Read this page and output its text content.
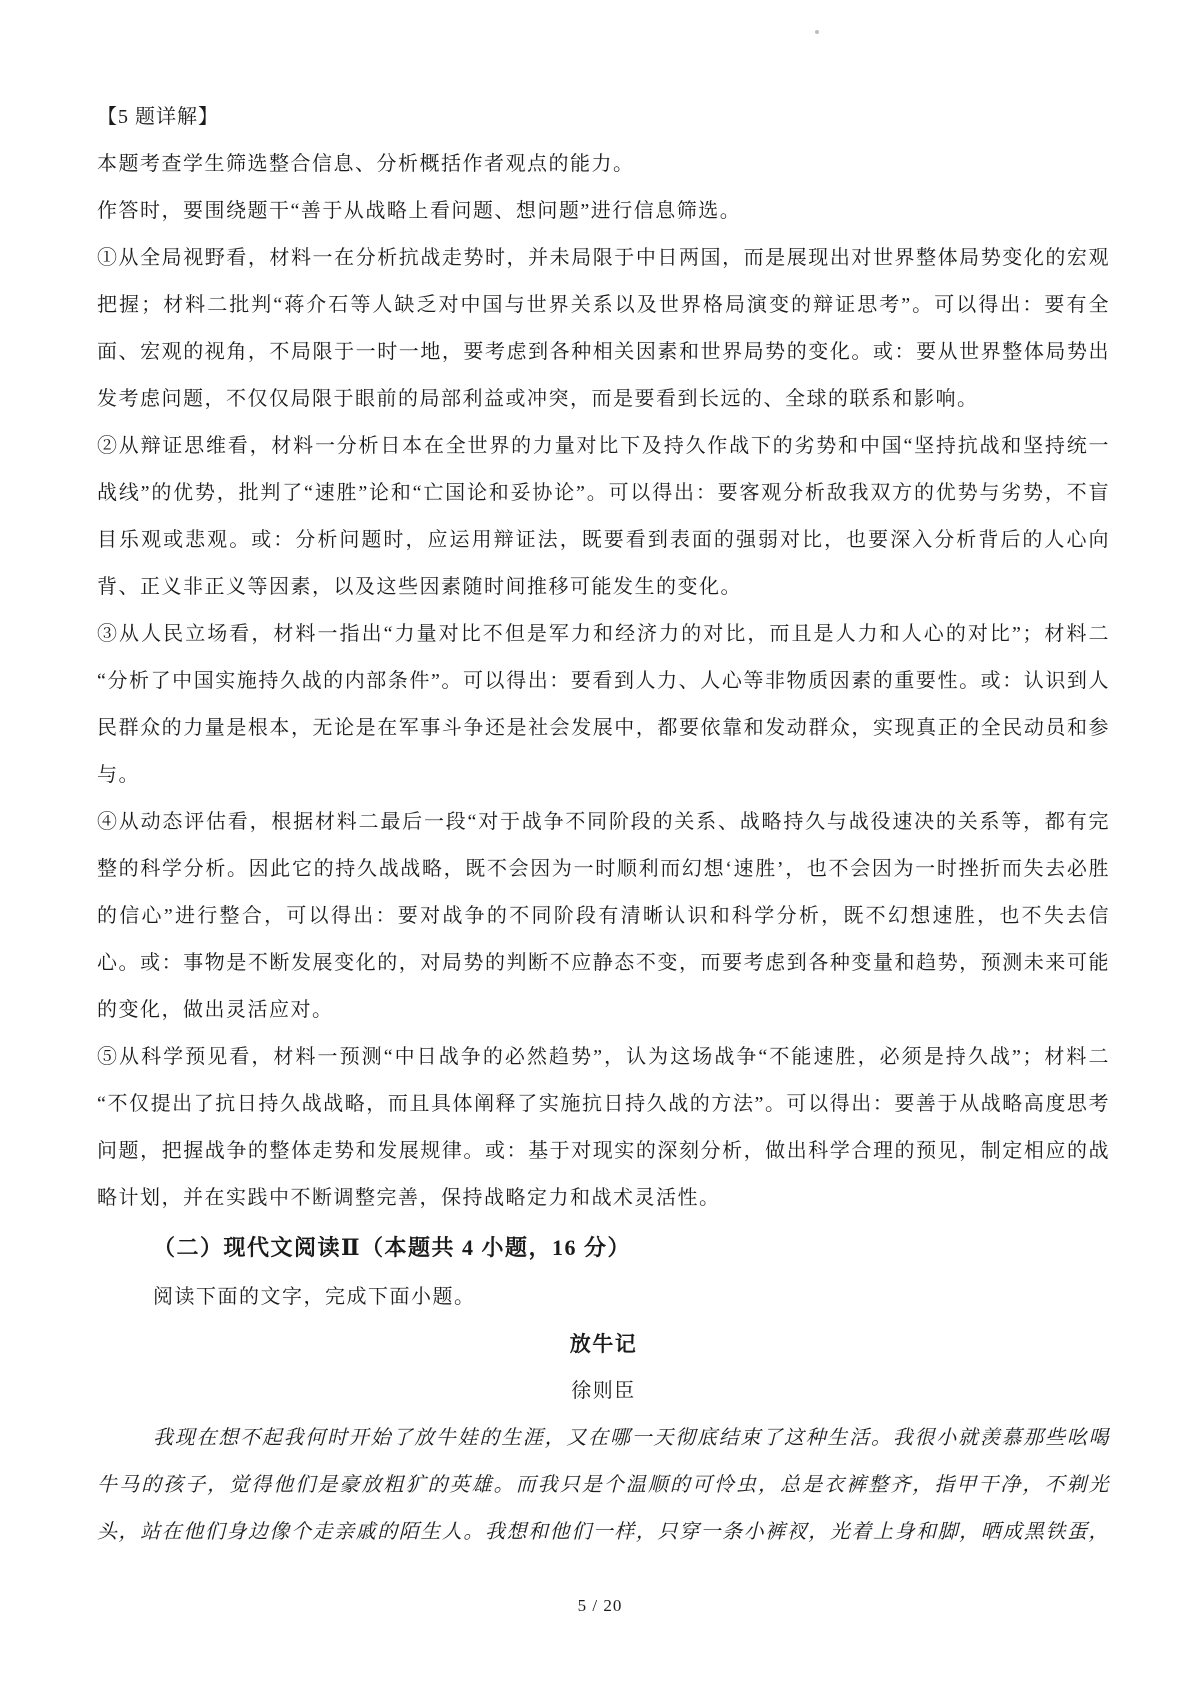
【5 题详解】

本题考查学生筛选整合信息、分析概括作者观点的能力。

作答时，要围绕题干“善于从战略上看问题、想问题”进行信息筛选。

①从全局视野看，材料一在分析抗战走势时，并未局限于中日两国，而是展现出对世界整体局势变化的宏观把握；材料二批判“蒋介石等人缺乏对中国与世界关系以及世界格局演变的辩证思考”。可以得出：要有全面、宏观的视角，不局限于一时一地，要考虑到各种相关因素和世界局势的变化。或：要从世界整体局势出发考虑问题，不仅仅局限于眼前的局部利益或冲突，而是要看到长远的、全球的联系和影响。

②从辩证思维看，材料一分析日本在全世界的力量对比下及持久作战下的劣势和中国“坚持抗战和坚持统一战线”的优势，批判了“速胜”论和“亡国论和妥协论”。可以得出：要客观分析敌我双方的优势与劣势，不盲目乐观或悲观。或：分析问题时，应运用辩证法，既要看到表面的强弱对比，也要深入分析背后的人心向背、正义非正义等因素，以及这些因素随时间推移可能发生的变化。

③从人民立场看，材料一指出“力量对比不但是军力和经济力的对比，而且是人力和人心的对比”；材料二“分析了中国实施持久战的内部条件”。可以得出：要看到人力、人心等非物质因素的重要性。或：认识到人民群众的力量是根本，无论是在军事斗争还是社会发展中，都要依靠和发动群众，实现真正的全民动员和参与。

④从动态评估看，根据材料二最后一段“对于战争不同阶段的关系、战略持久与战役速决的关系等，都有完整的科学分析。因此它的持久战战略，既不会因为一时顺利而幻想‘速胜’，也不会因为一时挫折而失去必胜的信心”进行整合，可以得出：要对战争的不同阶段有清晰认识和科学分析，既不幻想速胜，也不失去信心。或：事物是不断发展变化的，对局势的判断不应静态不变，而要考虑到各种变量和趋势，预测未来可能的变化，做出灵活应对。

⑤从科学预见看，材料一预测“中日战争的必然趋势”，认为这场战争“不能速胜，必须是持久战”；材料二“不仅提出了抗日持久战战略，而且具体阐释了实施抗日持久战的方法”。可以得出：要善于从战略高度思考问题，把握战争的整体走势和发展规律。或：基于对现实的深刻分析，做出科学合理的预见，制定相应的战略计划，并在实践中不断调整完善，保持战略定力和战术灵活性。

（二）现代文阅读Ⅱ（本题共 4 小题，16 分）

阅读下面的文字，完成下面小题。

放牛记

徐则臣

我现在想不起我何时开始了放牛娃的生涯，又在哪一天彻底结束了这种生活。我很小就羡慕那些吆喝牛马的孩子，觉得他们是豪放粗犷的英雄。而我只是个温顺的可怜虫，总是衣裤整齐，指甲干净，不剃光头，站在他们身边像个走亲戚的陌生人。我想和他们一样，只穿一条小裤衩，光着上身和脚，晒成黑铁蛋，

5 / 20
